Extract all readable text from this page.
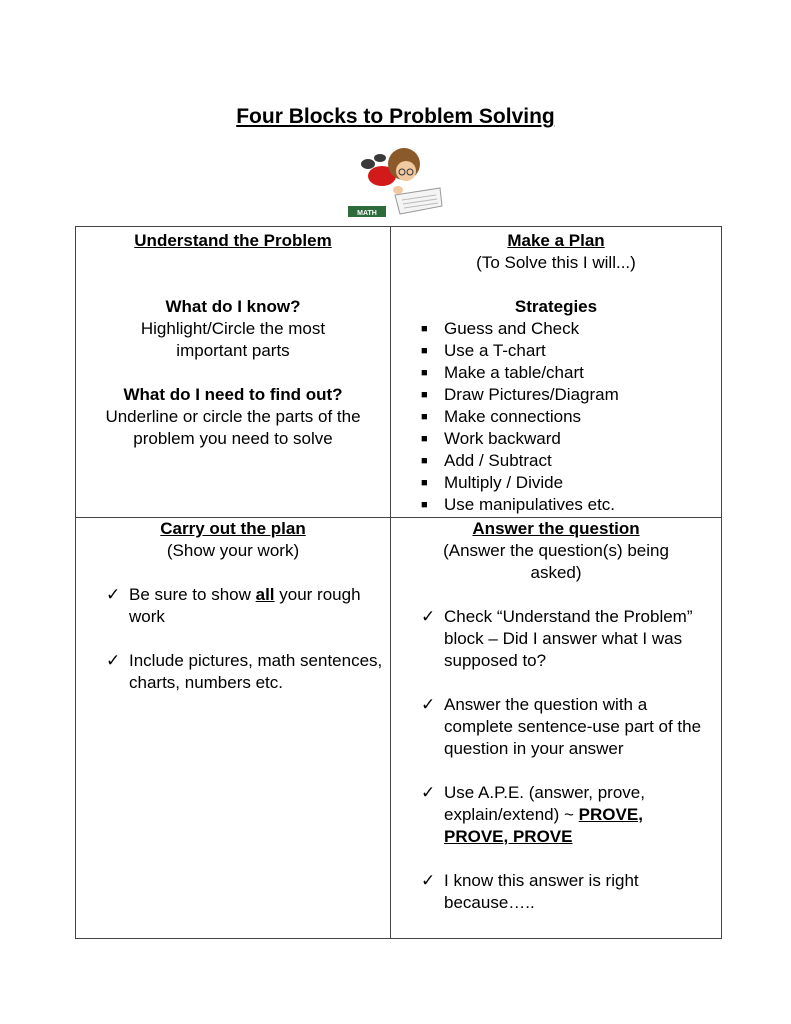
Four Blocks to Problem Solving
MATH
Understand the Problem
What do I know?
Highlight/Circle the most
important parts
What do I need to find out?
Underline or circle the parts of the
problem you need to solve
Make a Plan
(To Solve this I will...)
Strategies
■ Guess and Check
■ Use a T-chart
■ Make a table/chart
■ Draw Pictures/Diagram
■ Make connections
■ Work backward
■ Add / Subtract
■ Multiply / Divide
■ Use manipulatives etc.
Carry out the plan
(Show your work)
✓ Be sure to show all your rough work
✓ Include pictures, math sentences, charts, numbers etc.
Answer the question
(Answer the question(s) being asked)
✓ Check “Understand the Problem” block – Did I answer what I was supposed to?
✓ Answer the question with a complete sentence-use part of the question in your answer
✓ Use A.P.E. (answer, prove, explain/extend) ~ PROVE, PROVE, PROVE
✓ I know this answer is right because…..
